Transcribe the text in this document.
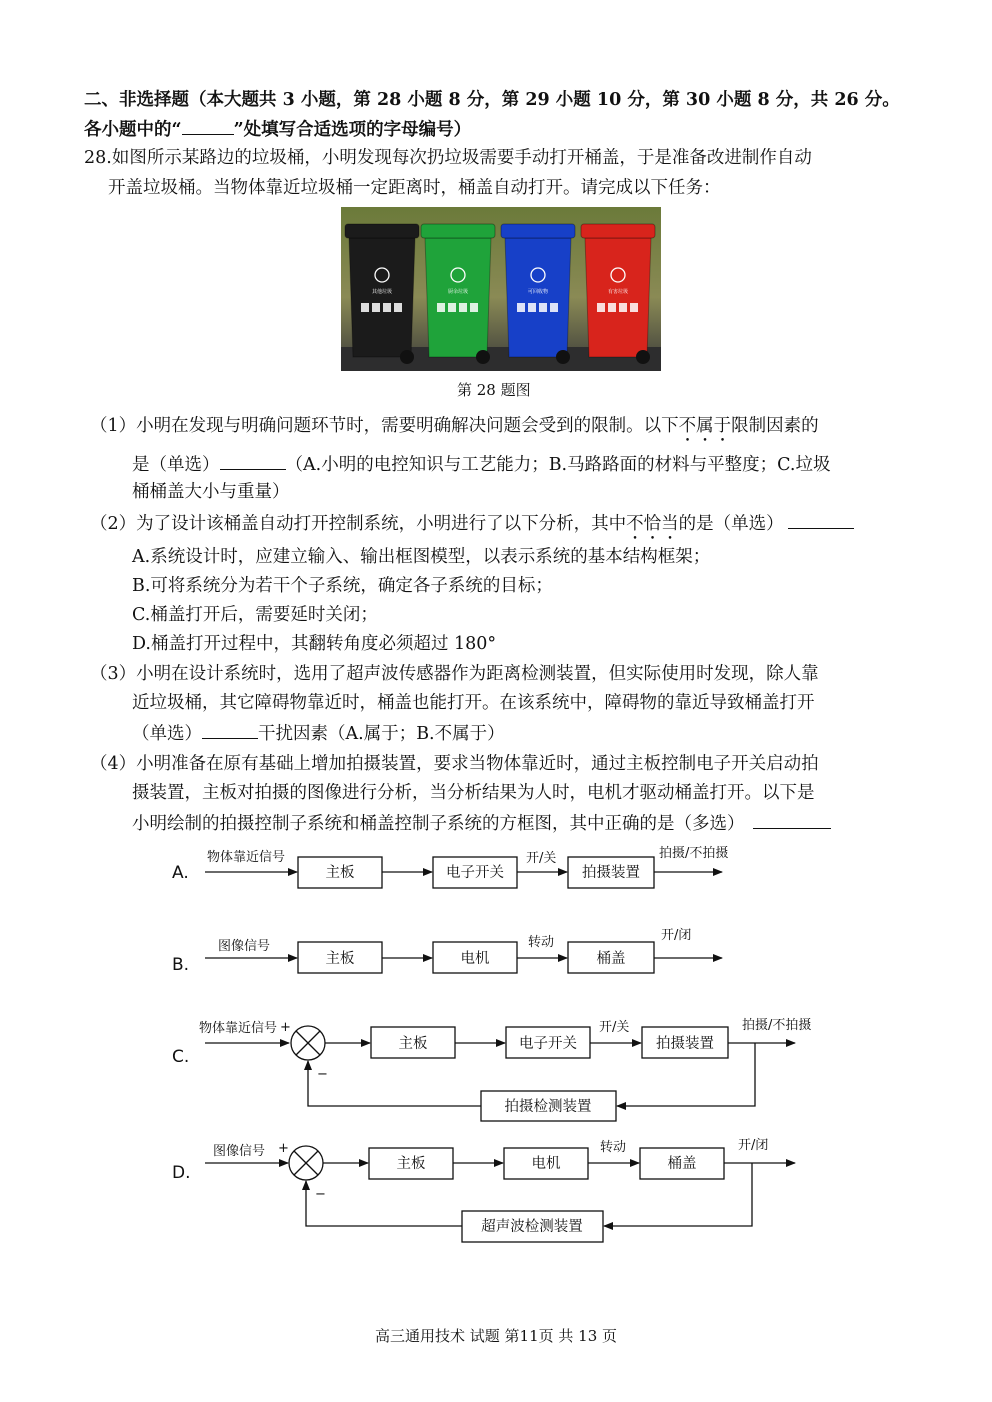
二、非选择题（本大题共 3 小题，第 28 小题 8 分，第 29 小题 10 分，第 30 小题 8 分，共 26 分。
各小题中的“	”处填写合适选项的字母编号）
28.如图所示某路边的垃圾桶，小明发现每次扔垃圾需要手动打开桶盖，于是准备改进制作自动
开盖垃圾桶。当物体靠近垃圾桶一定距离时，桶盖自动打开。请完成以下任务：
其他垃圾	厨余垃圾	可回收物	有害垃圾
第 28 题图
（1）小明在发现与明确问题环节时，需要明确解决问题会受到的限制。以下不属于限制因素的
是（单选）	（A.小明的电控知识与工艺能力；B.马路路面的材料与平整度；C.垃圾
桶桶盖大小与重量）
（2）为了设计该桶盖自动打开控制系统，小明进行了以下分析，其中不恰当的是（单选）
A.系统设计时，应建立输入、输出框图模型，以表示系统的基本结构框架；
B.可将系统分为若干个子系统，确定各子系统的目标；
C.桶盖打开后，需要延时关闭；
D.桶盖打开过程中，其翻转角度必须超过 180°
（3）小明在设计系统时，选用了超声波传感器作为距离检测装置，但实际使用时发现，除人靠
近垃圾桶，其它障碍物靠近时，桶盖也能打开。在该系统中，障碍物的靠近导致桶盖打开
（单选）	干扰因素（A.属于；B.不属于）
（4）小明准备在原有基础上增加拍摄装置，要求当物体靠近时，通过主板控制电子开关启动拍
摄装置，主板对拍摄的图像进行分析，当分析结果为人时，电机才驱动桶盖打开。以下是
小明绘制的拍摄控制子系统和桶盖控制子系统的方框图，其中正确的是（多选）
A.
物体靠近信号
主板	电子开关
开/关
拍摄装置
拍摄/不拍摄
B.
图像信号
主板	电机
转动
桶盖
开/闭
C.
物体靠近信号 +
−
主板	电子开关
开/关
拍摄装置
拍摄/不拍摄
拍摄检测装置
D.
图像信号 +
−
主板	电机
转动
桶盖
开/闭
超声波检测装置
高三通用技术 试题 第11页 共 13 页
